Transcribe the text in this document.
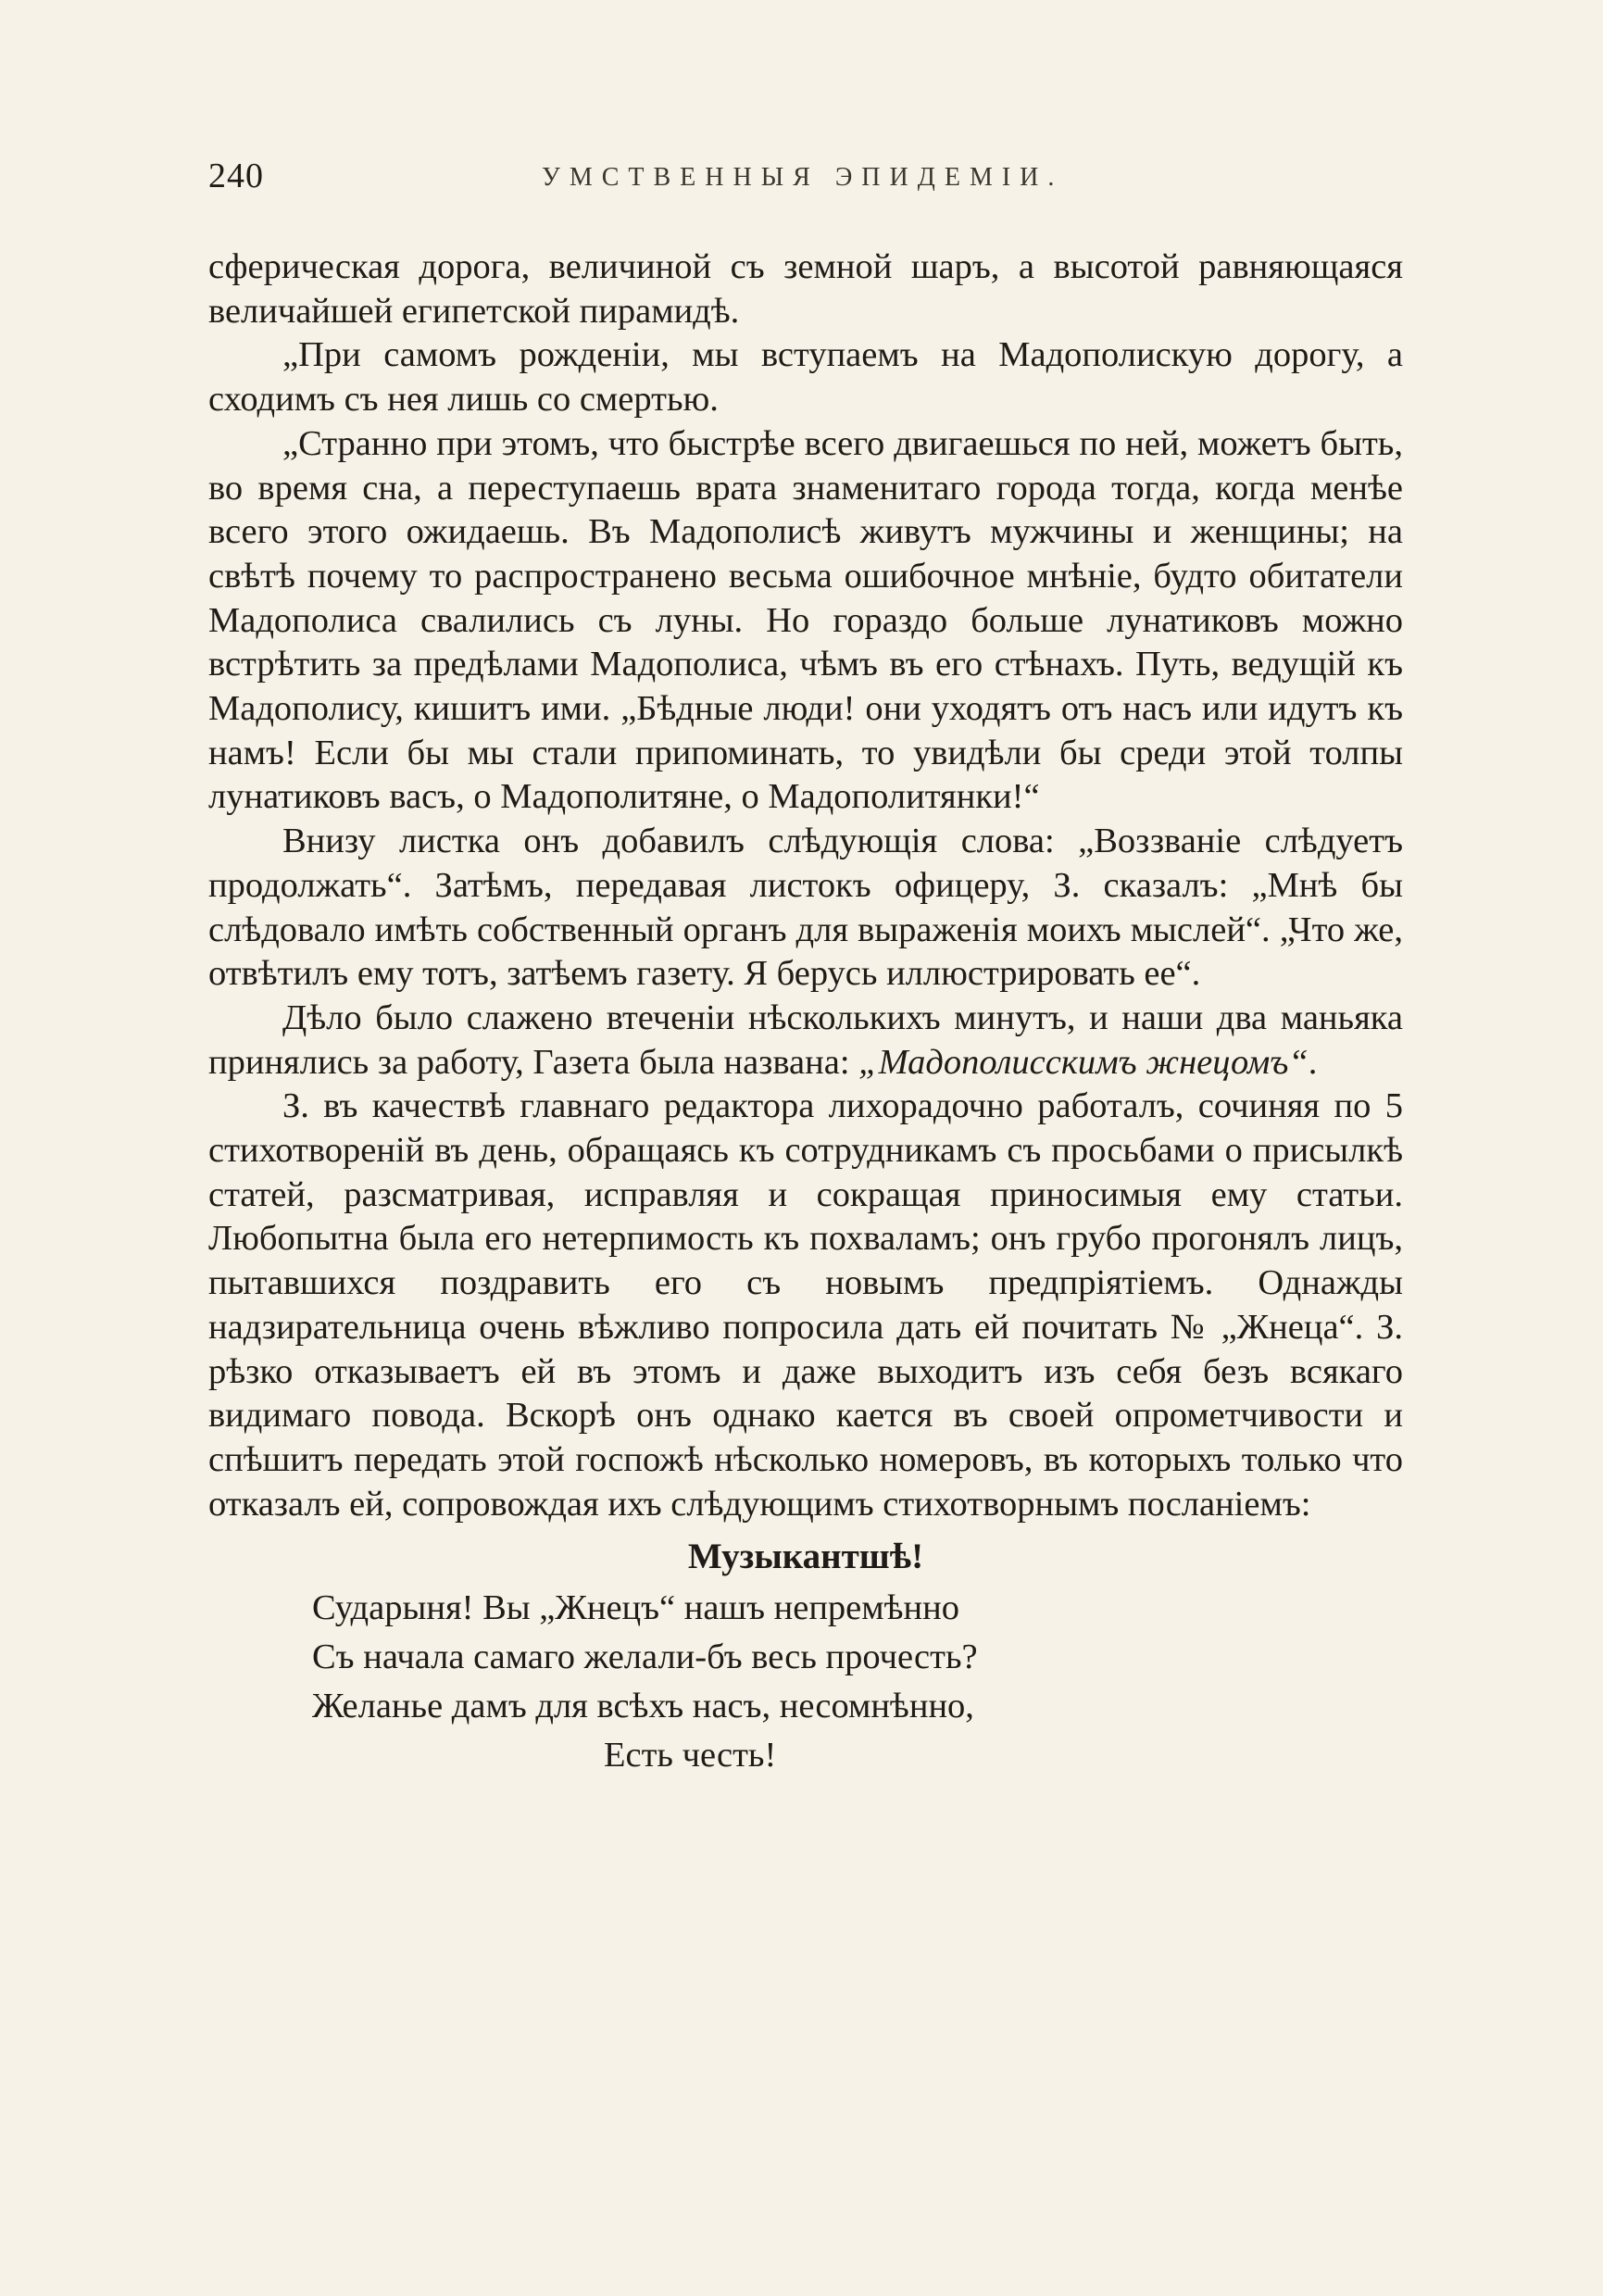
240	УМСТВЕННЫЯ ЭПИДЕМІИ.

сферическая дорога, величиной съ земной шаръ, а высотой равняющаяся величайшей египетской пирамидѣ.

„При самомъ рожденіи, мы вступаемъ на Мадополискую дорогу, а сходимъ съ нея лишь со смертью.

„Странно при этомъ, что быстрѣе всего двигаешься по ней, можетъ быть, во время сна, а переступаешь врата знаменитаго города тогда, когда менѣе всего этого ожидаешь. Въ Мадополисѣ живутъ мужчины и женщины; на свѣтѣ почему то распространено весьма ошибочное мнѣніе, будто обитатели Мадополиса свалились съ луны. Но гораздо больше лунатиковъ можно встрѣтить за предѣлами Мадополиса, чѣмъ въ его стѣнахъ. Путь, ведущій къ Мадополису, кишитъ ими. „Бѣдные люди! они уходятъ отъ насъ или идутъ къ намъ! Если бы мы стали припоминать, то увидѣли бы среди этой толпы лунатиковъ васъ, о Мадополитяне, о Мадополитянки!“

Внизу листка онъ добавилъ слѣдующія слова: „Воззваніе слѣдуетъ продолжать“. Затѣмъ, передавая листокъ офицеру, З. сказалъ: „Мнѣ бы слѣдовало имѣть собственный органъ для выраженія моихъ мыслей“. „Что же, отвѣтилъ ему тотъ, затѣемъ газету. Я берусь иллюстрировать ее“.

Дѣло было слажено втеченіи нѣсколькихъ минутъ, и наши два маньяка принялись за работу, Газета была названа: „Мадополисскимъ жнецомъ“.

З. въ качествѣ главнаго редактора лихорадочно работалъ, сочиняя по 5 стихотвореній въ день, обращаясь къ сотрудникамъ съ просьбами о присылкѣ статей, разсматривая, исправляя и сокращая приносимыя ему статьи. Любопытна была его нетерпимость къ похваламъ; онъ грубо прогонялъ лицъ, пытавшихся поздравить его съ новымъ предпріятіемъ. Однажды надзирательница очень вѣжливо попросила дать ей почитать № „Жнеца“. З. рѣзко отказываетъ ей въ этомъ и даже выходитъ изъ себя безъ всякаго видимаго повода. Вскорѣ онъ однако кается въ своей опрометчивости и спѣшитъ передать этой госпожѣ нѣсколько номеровъ, въ которыхъ только что отказалъ ей, сопровождая ихъ слѣдующимъ стихотворнымъ посланіемъ:

Музыкантшѣ!

Сударыня! Вы „Жнецъ“ нашъ непремѣнно
Съ начала самаго желали-бъ весь прочесть?
Желанье дамъ для всѣхъ насъ, несомнѣнно,
Есть честь!
